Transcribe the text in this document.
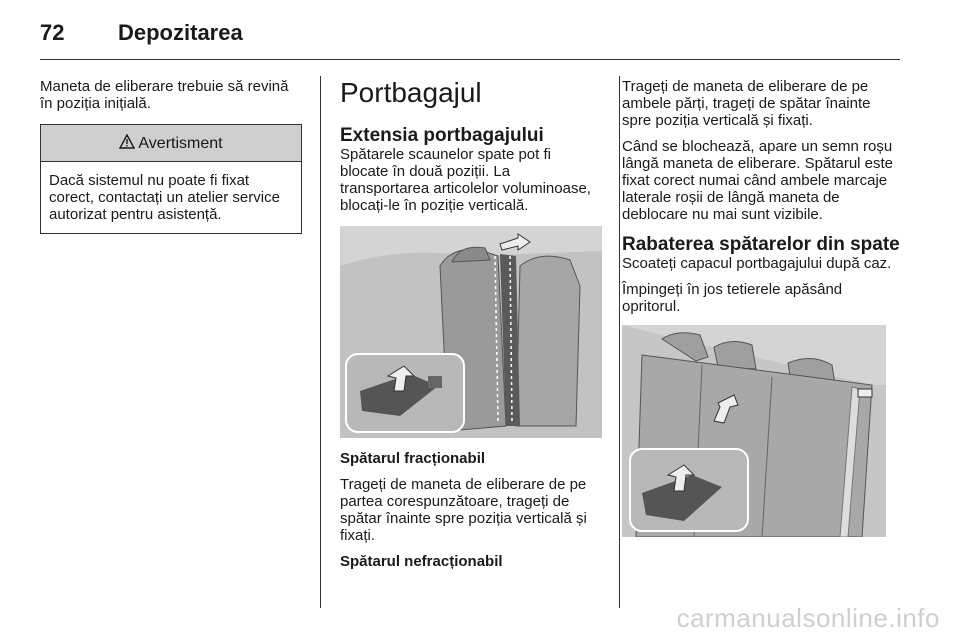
72 Depozitarea

Maneta de eliberare trebuie să revină în poziția inițială.

Avertisment
Dacă sistemul nu poate fi fixat corect, contactați un atelier service autorizat pentru asistență.
Portbagajul
Extensia portbagajului

Spătarele scaunelor spate pot fi blocate în două poziții. La transportarea articolelor voluminoase, blocați-le în poziție verticală.

Spătarul fracționabil

Trageți de maneta de eliberare de pe partea corespunzătoare, trageți de spătar înainte spre poziția verticală și fixați.

Spătarul nefracționabil

Trageți de maneta de eliberare de pe ambele părți, trageți de spătar înainte spre poziția verticală și fixați.

Când se blochează, apare un semn roșu lângă maneta de eliberare. Spătarul este fixat corect numai când ambele marcaje laterale roșii de lângă maneta de deblocare nu mai sunt vizibile.

Rabaterea spătarelor din spate

Scoateți capacul portbagajului după caz.

Împingeți în jos tetierele apăsând opritorul.

carmanualsonline.info
